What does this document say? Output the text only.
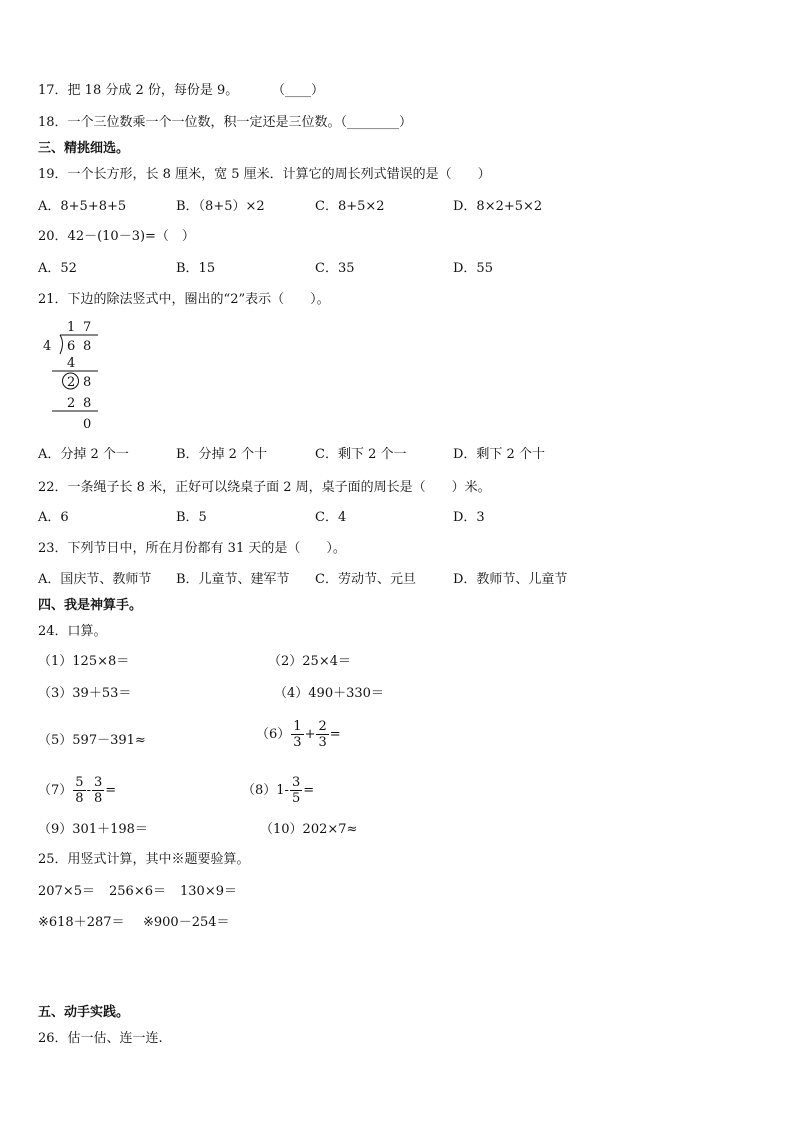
17．把 18 分成 2 份，每份是 9。	（____）
18．一个三位数乘一个一位数，积一定还是三位数。（________）
三、精挑细选。
19．一个长方形，长 8 厘米，宽 5 厘米．计算它的周长列式错误的是（　　）
A．8+5+8+5	B．（8+5）×2	C．8+5×2	D．8×2+5×2
20．42－(10－3)=（　）
A．52	B．15	C．35	D．55
21．下边的除法竖式中，圈出的“2”表示（　　）。
1 7
4 6 8
4
2 8
2 8
0
A．分掉 2 个一	B．分掉 2 个十	C．剩下 2 个一	D．剩下 2 个十
22．一条绳子长 8 米，正好可以绕桌子面 2 周，桌子面的周长是（　　）米。
A．6	B．5	C．4	D．3
23．下列节日中，所在月份都有 31 天的是（　　）。
A．国庆节、教师节 B．儿童节、建军节 C．劳动节、元旦	D．教师节、儿童节
四、我是神算手。
24．口算。
（1）125×8＝	（2）25×4＝
（3）39＋53＝	（4）490＋330＝
（5）597－391≈	$(6) \frac{1}{3} + \frac{2}{3}$ =
$(7) \frac{5}{8} - \frac{3}{8}$ =	$(8)1- \frac{3}{5}$ =
（9）301＋198＝	（10）202×7≈
25．用竖式计算，其中※题要验算。
207×5＝ 256×6＝ 130×9＝
※618＋287＝ ※900－254＝
五、动手实践。
26．估一估、连一连.
